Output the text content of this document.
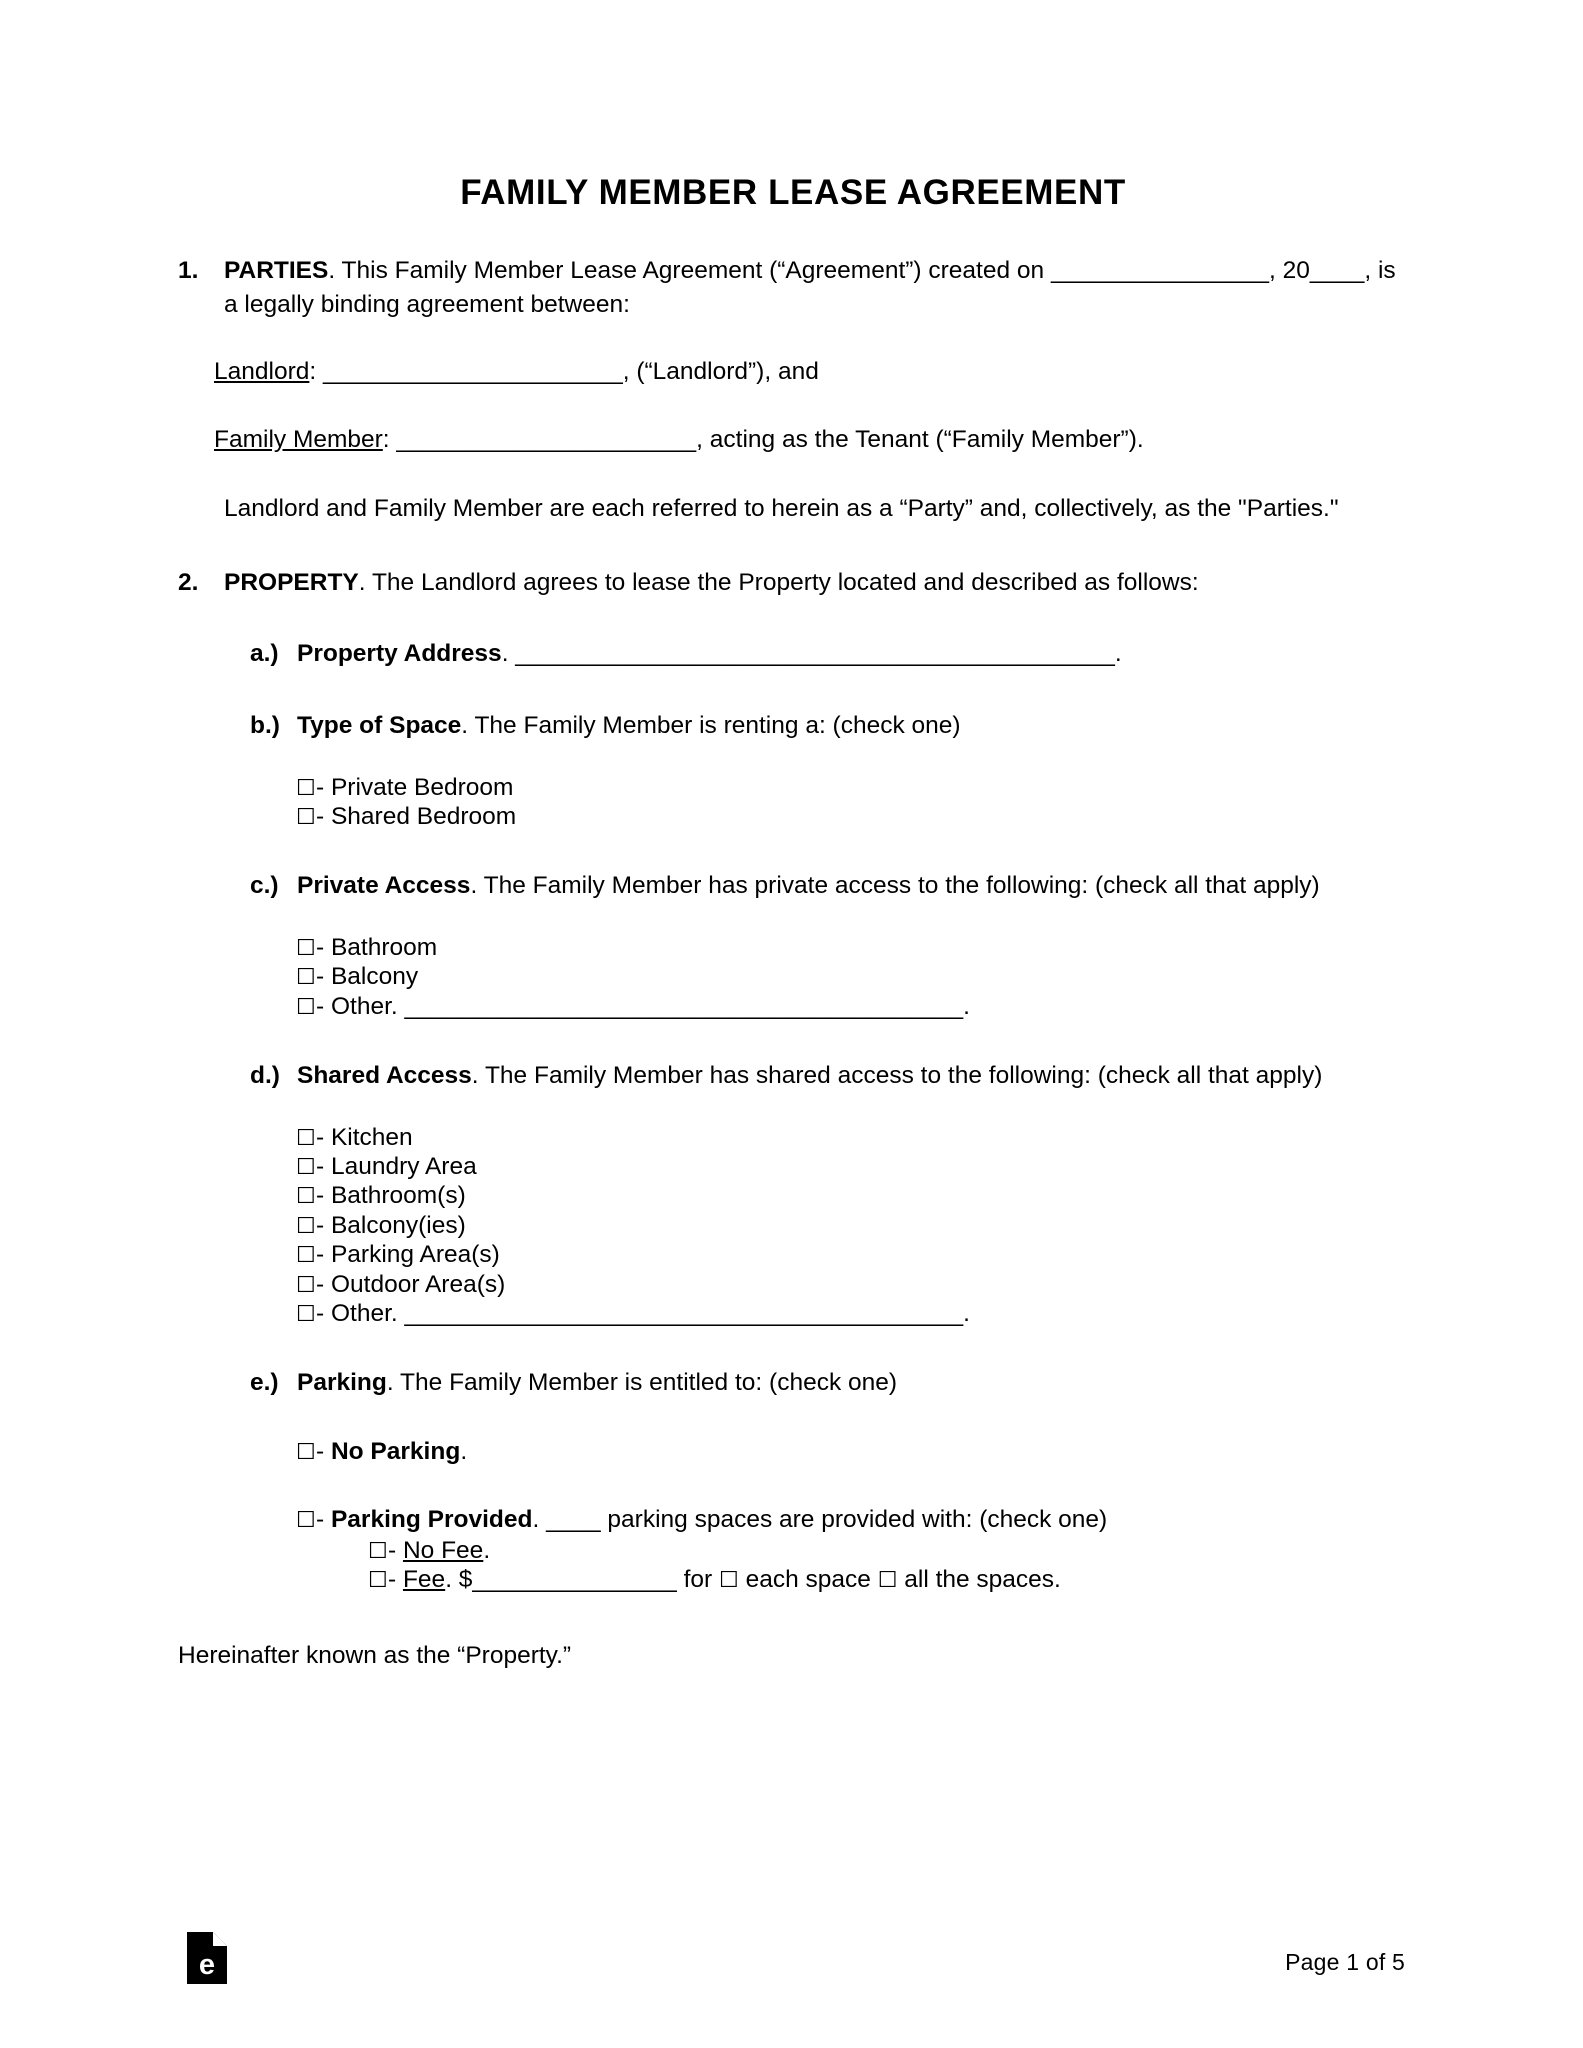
FAMILY MEMBER LEASE AGREEMENT
1.	PARTIES. This Family Member Lease Agreement (“Agreement”) created on ________________, 20____, is a legally binding agreement between:
Landlord: ______________________, (“Landlord”), and
Family Member: ______________________, acting as the Tenant (“Family Member”).
Landlord and Family Member are each referred to herein as a “Party” and, collectively, as the "Parties."
2.	PROPERTY. The Landlord agrees to lease the Property located and described as follows:
a.) Property Address. ____________________________________________.
b.) Type of Space. The Family Member is renting a: (check one)
☐- Private Bedroom
☐- Shared Bedroom
c.) Private Access. The Family Member has private access to the following: (check all that apply)
☐- Bathroom
☐- Balcony
☐- Other. _________________________________________.
d.) Shared Access. The Family Member has shared access to the following: (check all that apply)
☐- Kitchen
☐- Laundry Area
☐- Bathroom(s)
☐- Balcony(ies)
☐- Parking Area(s)
☐- Outdoor Area(s)
☐- Other. _________________________________________.
e.) Parking. The Family Member is entitled to: (check one)
☐- No Parking.
☐- Parking Provided. ____ parking spaces are provided with: (check one)
☐- No Fee.
☐- Fee. $_______________ for ☐ each space ☐ all the spaces.
Hereinafter known as the “Property.”
e	Page 1 of 5
